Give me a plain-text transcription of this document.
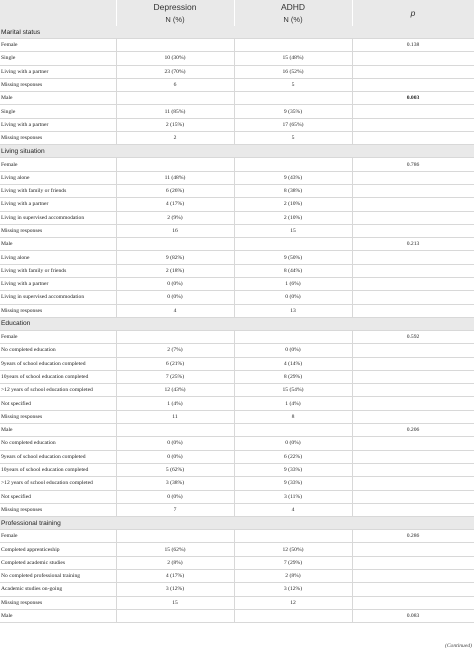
	Depression	ADHD	p
	N (%)	N (%)	
Marital status			
Female			0.138
Single	10 (30%)	15 (48%)	
Living with a partner	23 (70%)	16 (52%)	
Missing responses	6	5	
Male			0.003
Single	11 (85%)	9 (35%)	
Living with a partner	2 (15%)	17 (65%)	
Missing responses	2	5	
Living situation			
Female			0.786
Living alone	11 (48%)	9 (43%)	
Living with family or friends	6 (26%)	8 (38%)	
Living with a partner	4 (17%)	2 (10%)	
Living in supervised accommodation	2 (9%)	2 (10%)	
Missing responses	16	15	
Male			0.213
Living alone	9 (82%)	9 (50%)	
Living with family or friends	2 (18%)	8 (44%)	
Living with a partner	0 (0%)	1 (6%)	
Living in supervised accommodation	0 (0%)	0 (0%)	
Missing responses	4	13	
Education			
Female			0.592
No completed education	2 (7%)	0 (0%)	
9years of school education completed	6 (21%)	4 (14%)	
10years of school education completed	7 (25%)	8 (29%)	
>12 years of school education completed	12 (43%)	15 (54%)	
Not specified	1 (4%)	1 (4%)	
Missing responses	11	8	
Male			0.206
No completed education	0 (0%)	0 (0%)	
9years of school education completed	0 (0%)	6 (22%)	
10years of school education completed	5 (62%)	9 (33%)	
>12 years of school education completed	3 (38%)	9 (33%)	
Not specified	0 (0%)	3 (11%)	
Missing responses	7	4	
Professional training			
Female			0.286
Completed apprenticeship	15 (62%)	12 (50%)	
Completed academic studies	2 (8%)	7 (29%)	
No completed professional training	4 (17%)	2 (8%)	
Academic studies on-going	3 (12%)	3 (12%)	
Missing responses	15	12	
Male			0.083
(Continued)
